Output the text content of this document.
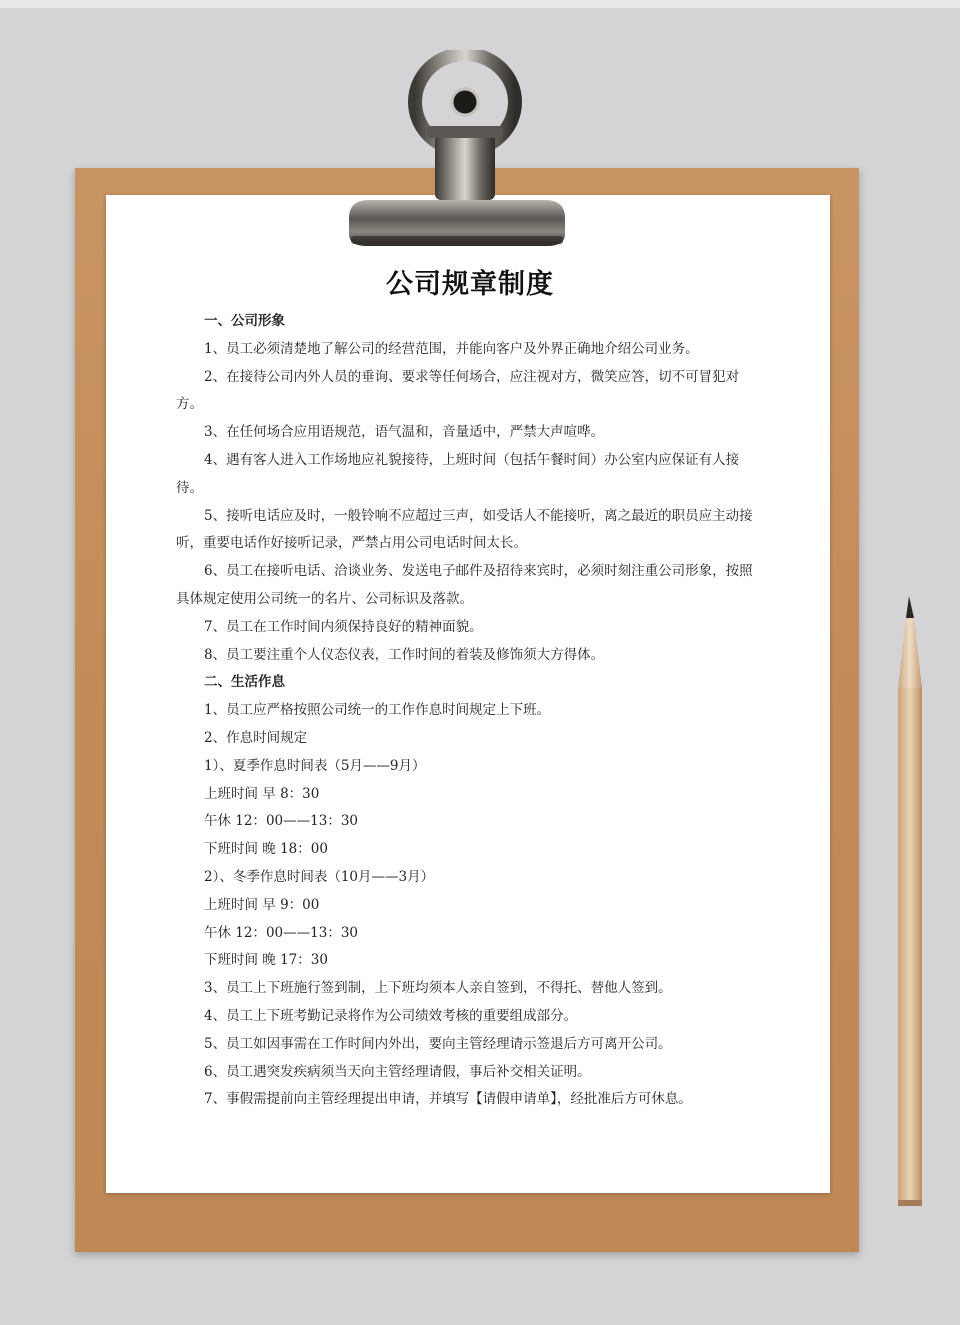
公司规章制度

一、公司形象

1、员工必须清楚地了解公司的经营范围，并能向客户及外界正确地介绍公司业务。

2、在接待公司内外人员的垂询、要求等任何场合，应注视对方，微笑应答，切不可冒犯对方。

3、在任何场合应用语规范，语气温和，音量适中，严禁大声喧哗。

4、遇有客人进入工作场地应礼貌接待，上班时间（包括午餐时间）办公室内应保证有人接待。

5、接听电话应及时，一般铃响不应超过三声，如受话人不能接听，离之最近的职员应主动接听，重要电话作好接听记录，严禁占用公司电话时间太长。

6、员工在接听电话、洽谈业务、发送电子邮件及招待来宾时，必须时刻注重公司形象，按照具体规定使用公司统一的名片、公司标识及落款。

7、员工在工作时间内须保持良好的精神面貌。

8、员工要注重个人仪态仪表，工作时间的着装及修饰须大方得体。

二、生活作息

1、员工应严格按照公司统一的工作作息时间规定上下班。

2、作息时间规定

1）、夏季作息时间表（5月——9月）

上班时间 早 8：30

午休 12：00——13：30

下班时间 晚 18：00

2）、冬季作息时间表（10月——3月）

上班时间 早 9：00

午休 12：00——13：30

下班时间 晚 17：30

3、员工上下班施行签到制，上下班均须本人亲自签到，不得托、替他人签到。

4、员工上下班考勤记录将作为公司绩效考核的重要组成部分。

5、员工如因事需在工作时间内外出，要向主管经理请示签退后方可离开公司。

6、员工遇突发疾病须当天向主管经理请假，事后补交相关证明。

7、事假需提前向主管经理提出申请，并填写【请假申请单】，经批准后方可休息。
